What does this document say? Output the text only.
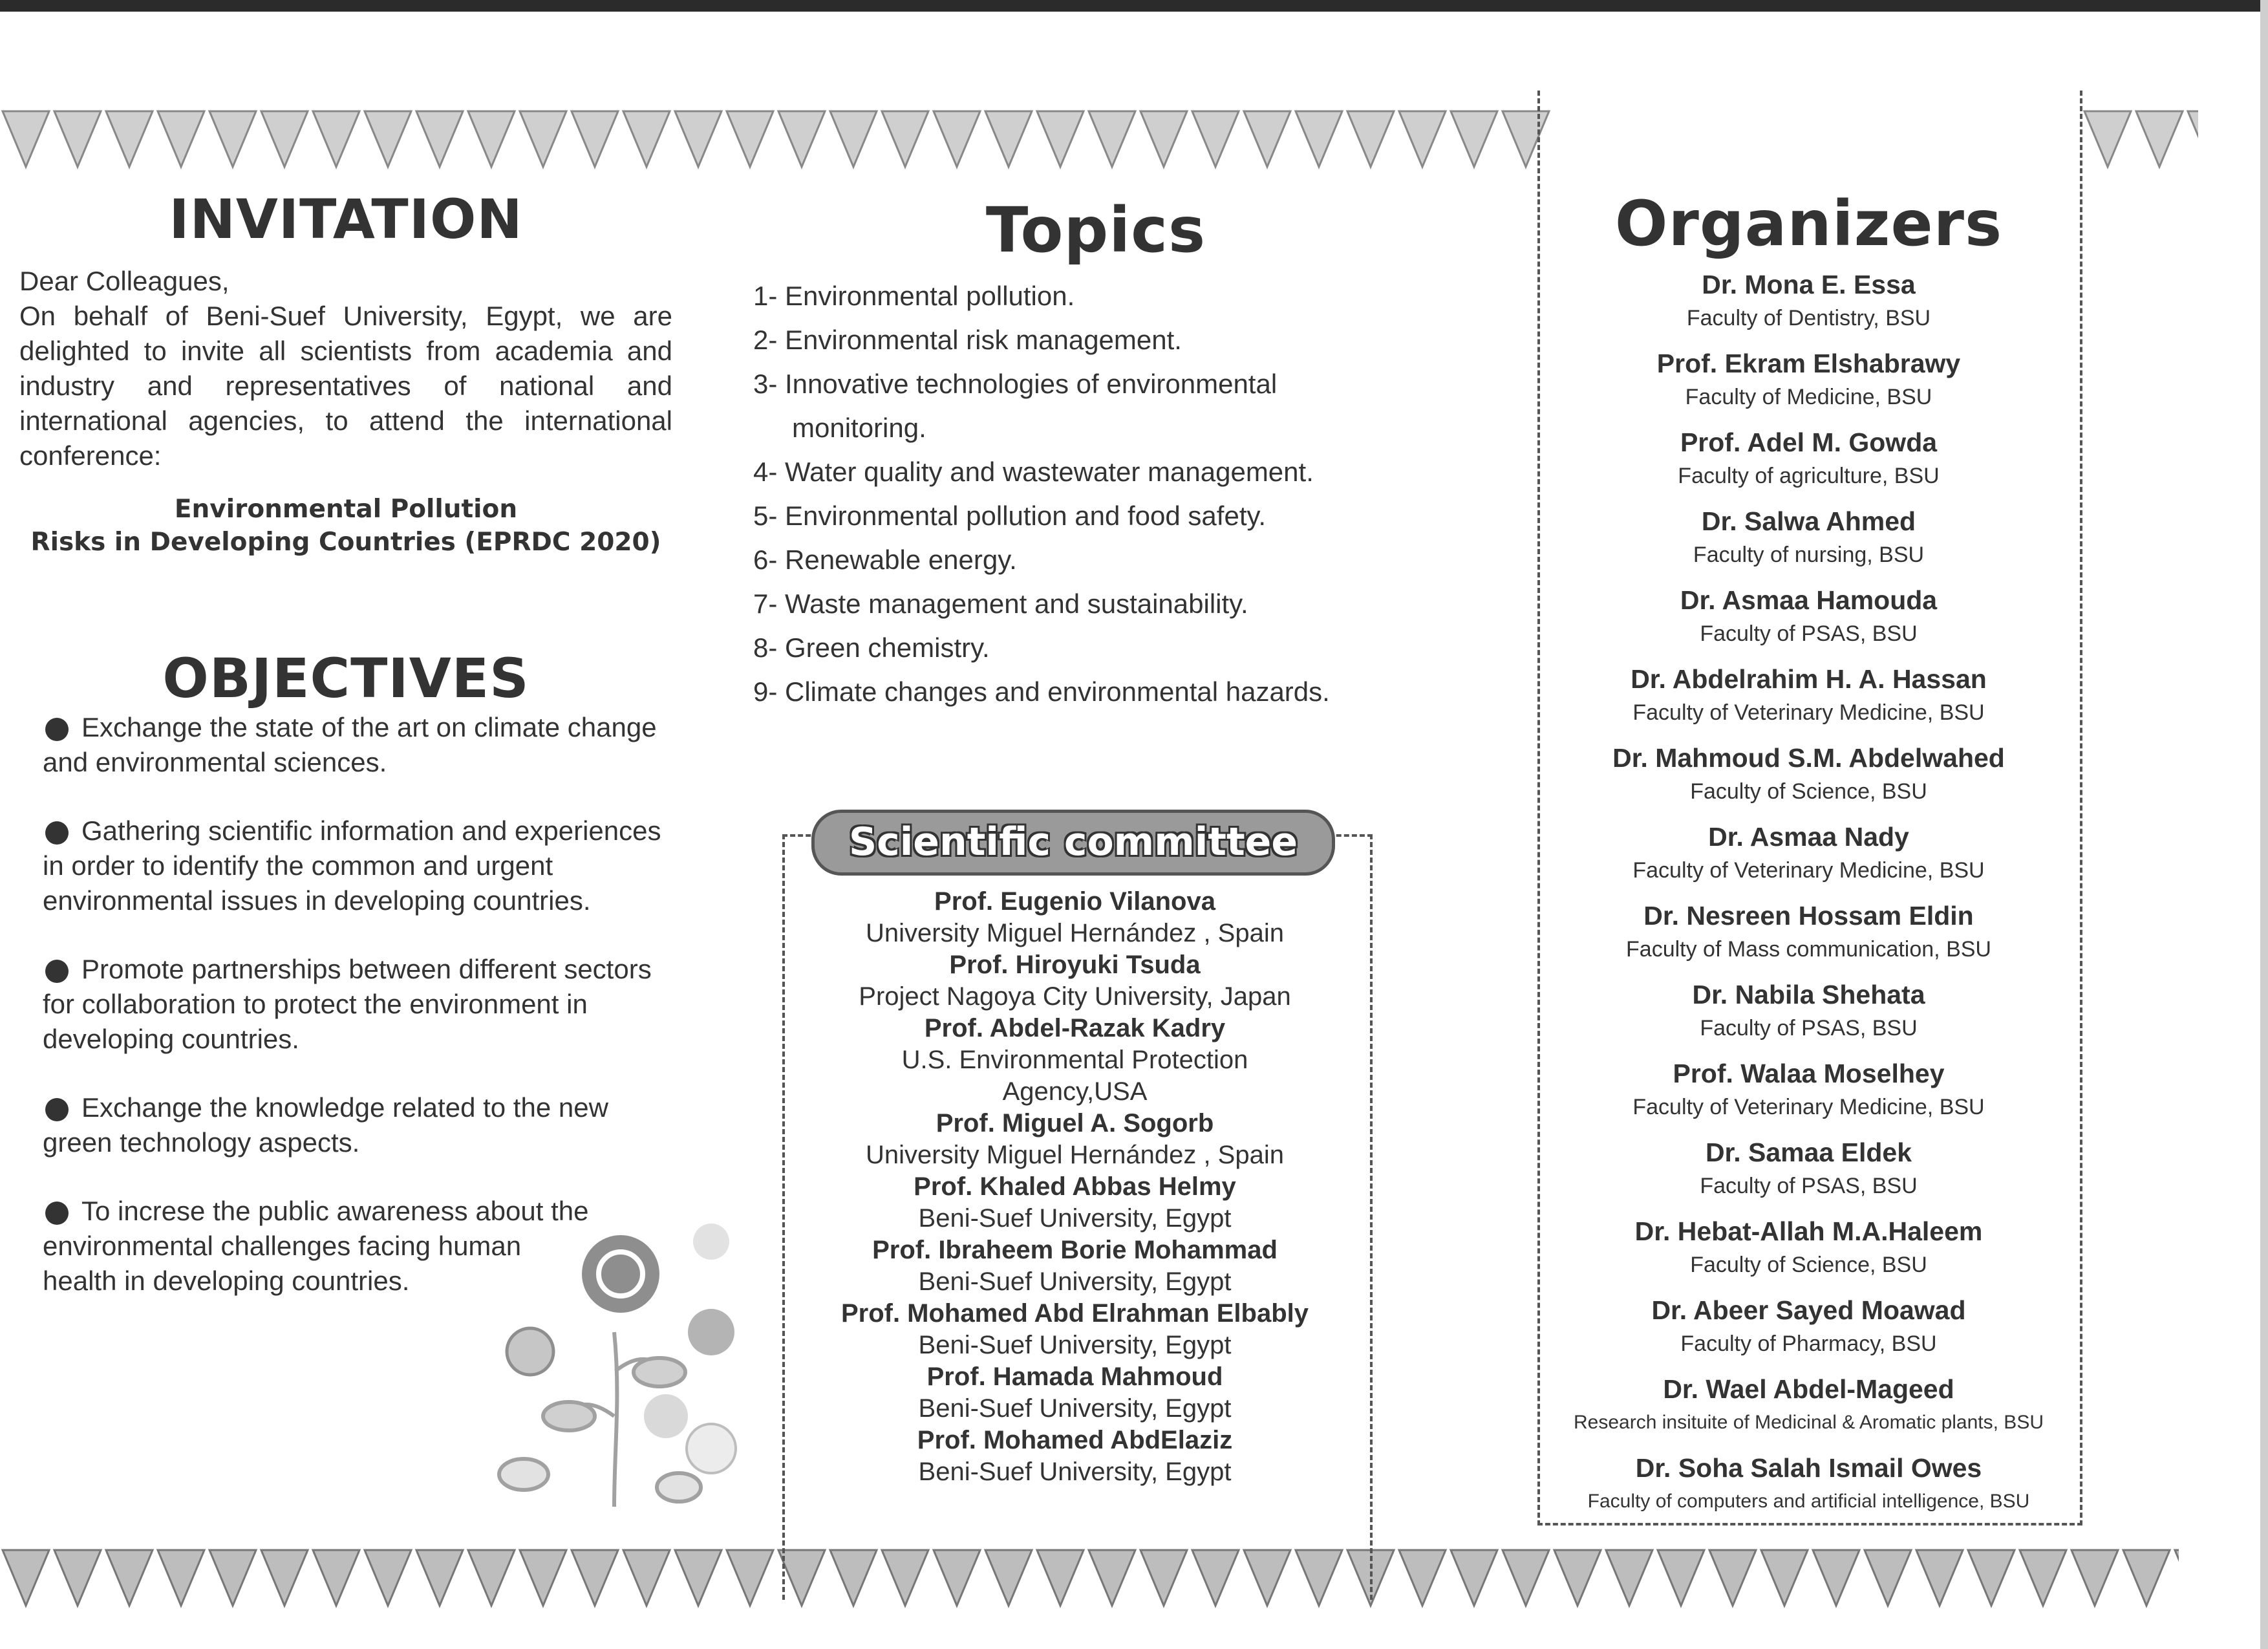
INVITATION

Dear Colleagues,

On behalf of Beni-Suef University, Egypt, we are delighted to invite all scientists from academia and industry and representatives of national and international agencies, to attend the international conference:

Environmental Pollution
Risks in Developing Countries (EPRDC 2020)
OBJECTIVES
Exchange the state of the art on climate change and environmental sciences.
Gathering scientific information and experiences in order to identify the common and urgent environmental issues in developing countries.
Promote partnerships between different sectors for collaboration to protect the environment in developing countries.
Exchange the knowledge related to the new green technology aspects.
To increse the public awareness about the environmental challenges facing human health in developing countries.
Topics
1- Environmental pollution.
2- Environmental risk management.
3- Innovative technologies of environmental monitoring.
4- Water quality and wastewater management.
5- Environmental pollution and food safety.
6- Renewable energy.
7- Waste management and sustainability.
8- Green chemistry.
9- Climate changes and environmental hazards.
Scientific committee
Prof. Eugenio Vilanova
University Miguel Hernández , Spain
Prof. Hiroyuki Tsuda
Project Nagoya City University, Japan
Prof. Abdel-Razak Kadry
U.S. Environmental Protection Agency,USA
Prof. Miguel A. Sogorb
University Miguel Hernández , Spain
Prof. Khaled Abbas Helmy
Beni-Suef University, Egypt
Prof. Ibraheem Borie Mohammad
Beni-Suef University, Egypt
Prof. Mohamed Abd Elrahman Elbably
Beni-Suef University, Egypt
Prof. Hamada Mahmoud
Beni-Suef University, Egypt
Prof. Mohamed AbdElaziz
Beni-Suef University, Egypt
Organizers
Dr. Mona E. Essa
Faculty of Dentistry, BSU
Prof. Ekram Elshabrawy
Faculty of Medicine, BSU
Prof. Adel M. Gowda
Faculty of agriculture, BSU
Dr. Salwa Ahmed
Faculty of nursing, BSU
Dr. Asmaa Hamouda
Faculty of PSAS, BSU
Dr. Abdelrahim H. A. Hassan
Faculty of Veterinary Medicine, BSU
Dr. Mahmoud S.M. Abdelwahed
Faculty of Science, BSU
Dr. Asmaa Nady
Faculty of Veterinary Medicine, BSU
Dr. Nesreen Hossam Eldin
Faculty of Mass communication, BSU
Dr. Nabila Shehata
Faculty of PSAS, BSU
Prof. Walaa Moselhey
Faculty of Veterinary Medicine, BSU
Dr. Samaa Eldek
Faculty of PSAS, BSU
Dr. Hebat-Allah M.A.Haleem
Faculty of Science, BSU
Dr. Abeer Sayed Moawad
Faculty of Pharmacy, BSU
Dr. Wael Abdel-Mageed
Research insituite of Medicinal & Aromatic plants, BSU
Dr. Soha Salah Ismail Owes
Faculty of computers and artificial intelligence, BSU
